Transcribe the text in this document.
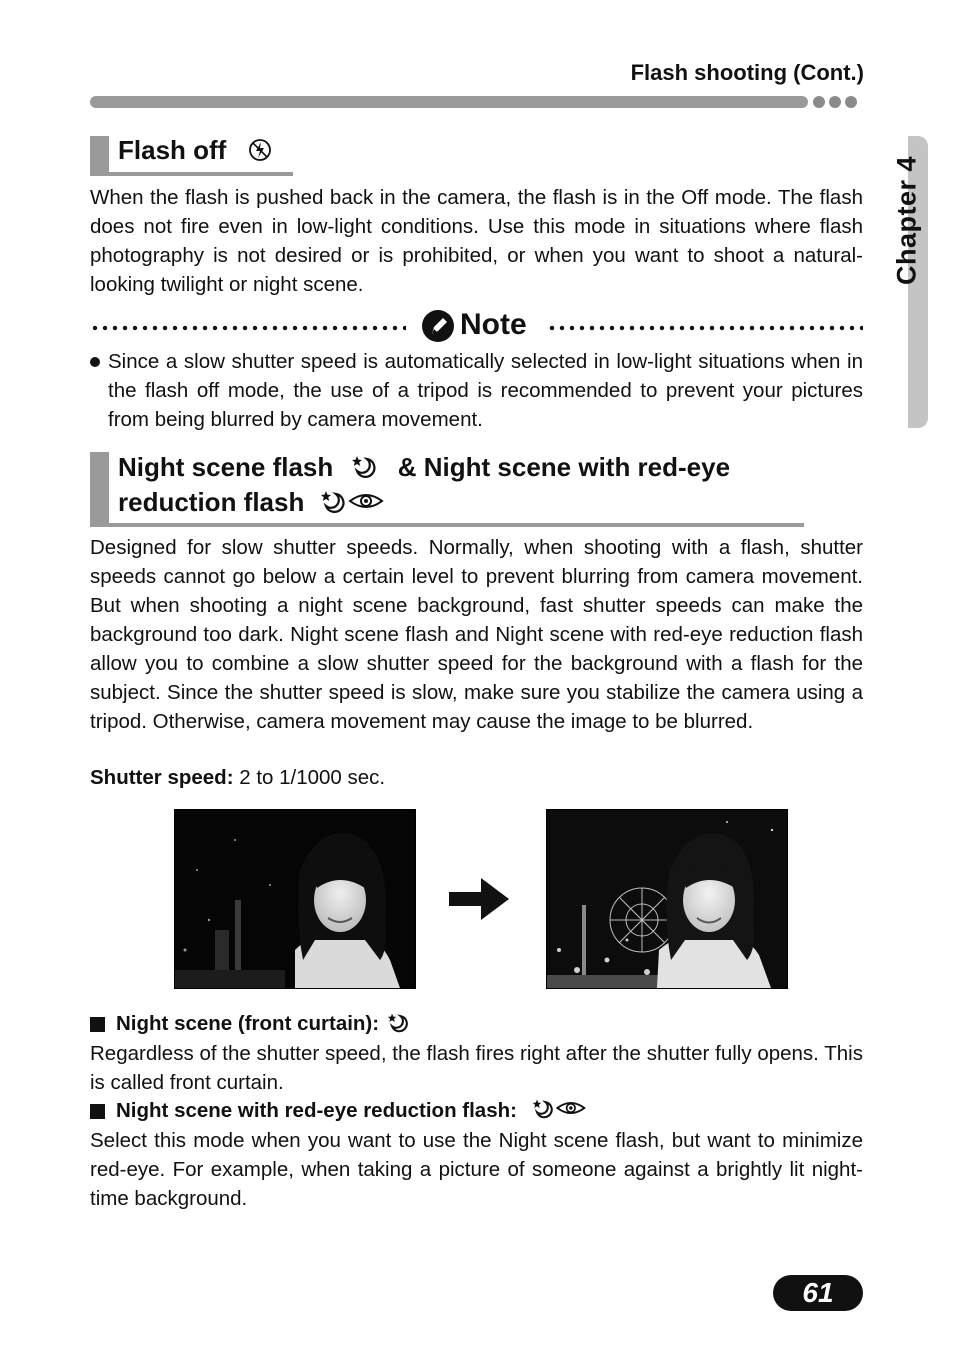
Flash shooting (Cont.)
Chapter 4
Flash off

When the flash is pushed back in the camera, the flash is in the Off mode. The flash does not fire even in low-light conditions. Use this mode in situations where flash photography is not desired or is prohibited, or when you want to shoot a natural-looking twilight or night scene.

Note

Since a slow shutter speed is automatically selected in low-light situations when in the flash off mode, the use of a tripod is recommended to prevent your pictures from being blurred by camera movement.

Night scene flash & Night scene with red-eye
reduction flash

Designed for slow shutter speeds. Normally, when shooting with a flash, shutter speeds cannot go below a certain level to prevent blurring from camera movement. But when shooting a night scene background, fast shutter speeds can make the background too dark. Night scene flash and Night scene with red-eye reduction flash allow you to combine a slow shutter speed for the background with a flash for the subject. Since the shutter speed is slow, make sure you stabilize the camera using a tripod. Otherwise, camera movement may cause the image to be blurred.

Shutter speed: 2 to 1/1000 sec.
Night scene (front curtain):

Regardless of the shutter speed, the flash fires right after the shutter fully opens. This is called front curtain.

Night scene with red-eye reduction flash:

Select this mode when you want to use the Night scene flash, but want to minimize red-eye. For example, when taking a picture of someone against a brightly lit night-time background.

61
